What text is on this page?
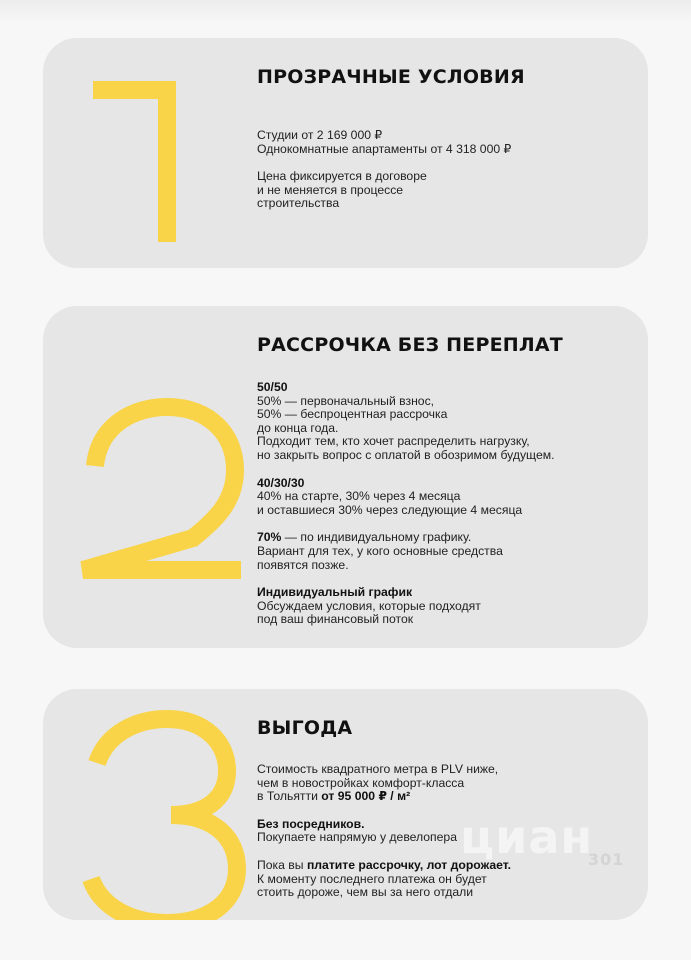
ПРОЗРАЧНЫЕ УСЛОВИЯ

Студии от 2 169 000 ₽
Однокомнатные апартаменты от 4 318 000 ₽

Цена фиксируется в договоре
и не меняется в процессе
строительства

РАССРОЧКА БЕЗ ПЕРЕПЛАТ

50/50
50% — первоначальный взнос,
50% — беспроцентная рассрочка
до конца года.
Подходит тем, кто хочет распределить нагрузку,
но закрыть вопрос с оплатой в обозримом будущем.

40/30/30
40% на старте, 30% через 4 месяца
и оставшиеся 30% через следующие 4 месяца

70% — по индивидуальному графику.
Вариант для тех, у кого основные средства
появятся позже.

Индивидуальный график
Обсуждаем условия, которые подходят
под ваш финансовый поток

ВЫГОДА

Стоимость квадратного метра в PLV ниже,
чем в новостройках комфорт-класса
в Тольятти от 95 000 ₽ / м²

Без посредников.
Покупаете напрямую у девелопера

Пока вы платите рассрочку, лот дорожает.
К моменту последнего платежа он будет
стоить дороже, чем вы за него отдали

циан
301
